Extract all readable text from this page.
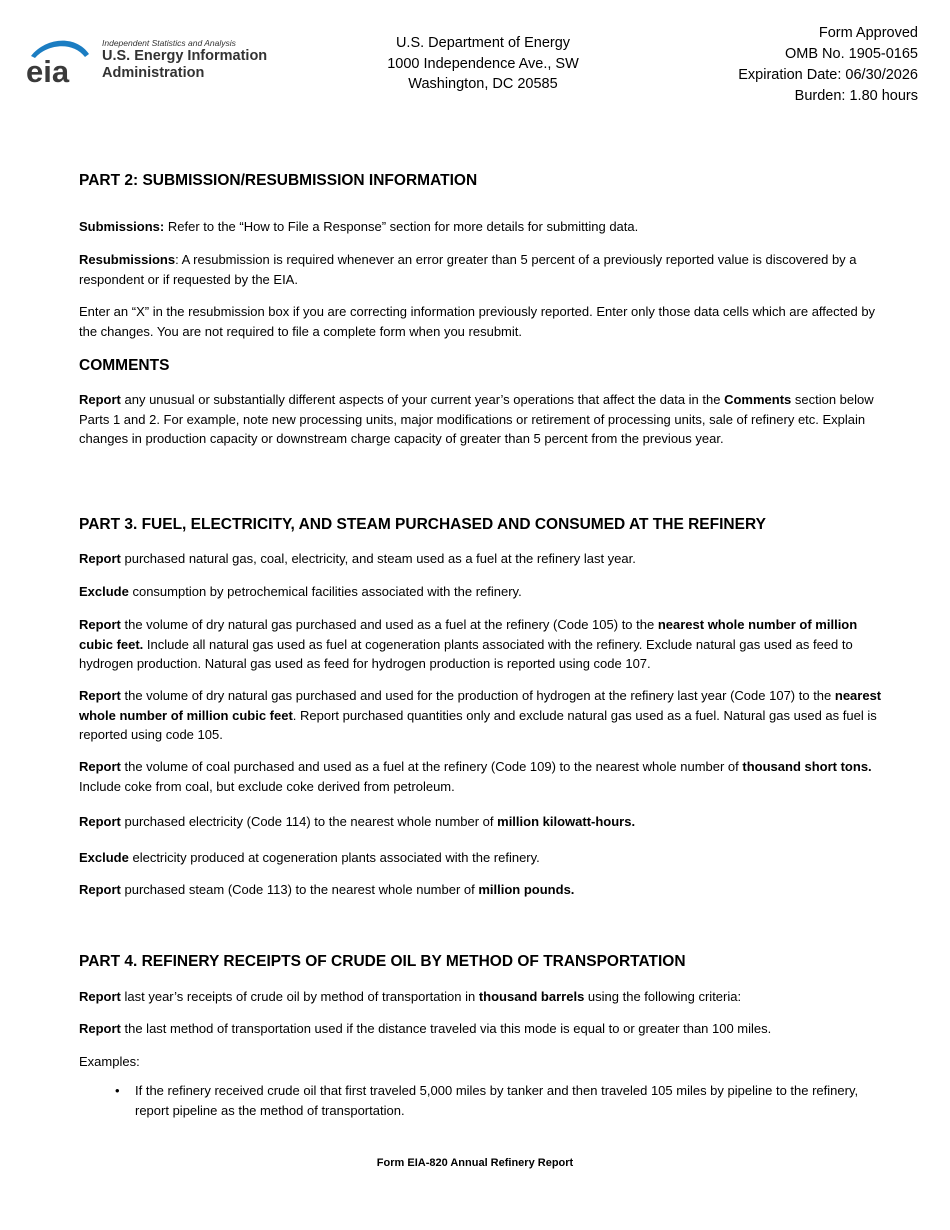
eia
Independent Statistics and Analysis
U.S. Energy Information
Administration
U.S. Department of Energy
1000 Independence Ave., SW
Washington, DC 20585
Form Approved
OMB No. 1905-0165
Expiration Date: 06/30/2026
Burden: 1.80 hours
PART 2: SUBMISSION/RESUBMISSION INFORMATION

Submissions: Refer to the “How to File a Response” section for more details for submitting data.

Resubmissions: A resubmission is required whenever an error greater than 5 percent of a previously reported value is discovered by a respondent or if requested by the EIA.

Enter an “X” in the resubmission box if you are correcting information previously reported. Enter only those data cells which are affected by the changes. You are not required to file a complete form when you resubmit.

COMMENTS

Report any unusual or substantially different aspects of your current year’s operations that affect the data in the Comments section below Parts 1 and 2. For example, note new processing units, major modifications or retirement of processing units, sale of refinery etc. Explain changes in production capacity or downstream charge capacity of greater than 5 percent from the previous year.

PART 3. FUEL, ELECTRICITY, AND STEAM PURCHASED AND CONSUMED AT THE REFINERY

Report purchased natural gas, coal, electricity, and steam used as a fuel at the refinery last year.

Exclude consumption by petrochemical facilities associated with the refinery.

Report the volume of dry natural gas purchased and used as a fuel at the refinery (Code 105) to the nearest whole number of million cubic feet. Include all natural gas used as fuel at cogeneration plants associated with the refinery. Exclude natural gas used as feed to hydrogen production. Natural gas used as feed for hydrogen production is reported using code 107.

Report the volume of dry natural gas purchased and used for the production of hydrogen at the refinery last year (Code 107) to the nearest whole number of million cubic feet. Report purchased quantities only and exclude natural gas used as a fuel. Natural gas used as fuel is reported using code 105.

Report the volume of coal purchased and used as a fuel at the refinery (Code 109) to the nearest whole number of thousand short tons. Include coke from coal, but exclude coke derived from petroleum.

Report purchased electricity (Code 114) to the nearest whole number of million kilowatt-hours.

Exclude electricity produced at cogeneration plants associated with the refinery.

Report purchased steam (Code 113) to the nearest whole number of million pounds.

PART 4. REFINERY RECEIPTS OF CRUDE OIL BY METHOD OF TRANSPORTATION

Report last year’s receipts of crude oil by method of transportation in thousand barrels using the following criteria:

Report the last method of transportation used if the distance traveled via this mode is equal to or greater than 100 miles.

Examples:

• If the refinery received crude oil that first traveled 5,000 miles by tanker and then traveled 105 miles by pipeline to the refinery, report pipeline as the method of transportation.
Form EIA-820 Annual Refinery Report
